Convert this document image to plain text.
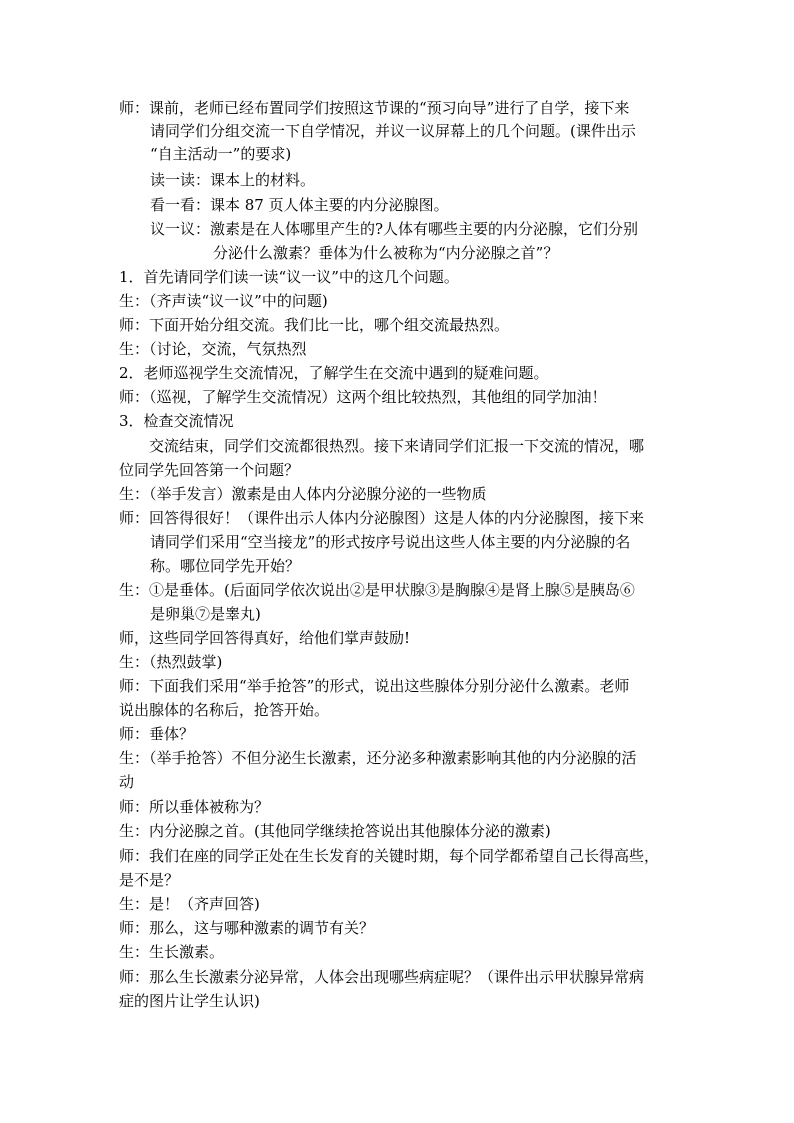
师：课前，老师已经布置同学们按照这节课的“预习向导”进行了自学，接下来
请同学们分组交流一下自学情况，并议一议屏幕上的几个问题。(课件出示
“自主活动一”的要求)
读一读：课本上的材料。
看一看：课本 87 页人体主要的内分泌腺图。
议一议：激素是在人体哪里产生的?人体有哪些主要的内分泌腺，它们分别
分泌什么激素？垂体为什么被称为“内分泌腺之首”？
1．首先请同学们读一读“议一议”中的这几个问题。
生：（齐声读“议一议”中的问题)
师：下面开始分组交流。我们比一比，哪个组交流最热烈。
生：（讨论，交流，气氛热烈
2．老师巡视学生交流情况，了解学生在交流中遇到的疑难问题。
师：（巡视，了解学生交流情况）这两个组比较热烈，其他组的同学加油！
3．检查交流情况
交流结束，同学们交流都很热烈。接下来请同学们汇报一下交流的情况，哪
位同学先回答第一个问题？
生：（举手发言）激素是由人体内分泌腺分泌的一些物质
师：回答得很好！（课件出示人体内分泌腺图）这是人体的内分泌腺图，接下来
请同学们采用“空当接龙”的形式按序号说出这些人体主要的内分泌腺的名
称。哪位同学先开始？
生：①是垂体。(后面同学依次说出②是甲状腺③是胸腺④是肾上腺⑤是胰岛⑥
是卵巢⑦是睾丸)
师，这些同学回答得真好，给他们掌声鼓励!
生：（热烈鼓掌)
师：下面我们采用“举手抢答”的形式，说出这些腺体分别分泌什么激素。老师
说出腺体的名称后，抢答开始。
师：垂体？
生：（举手抢答）不但分泌生长激素，还分泌多种激素影响其他的内分泌腺的活
动
师：所以垂体被称为？
生：内分泌腺之首。(其他同学继续抢答说出其他腺体分泌的激素)
师：我们在座的同学正处在生长发育的关键时期，每个同学都希望自己长得高些，
是不是？
生：是！（齐声回答)
师：那么，这与哪种激素的调节有关？
生：生长激素。
师：那么生长激素分泌异常，人体会出现哪些病症呢？（课件出示甲状腺异常病
症的图片让学生认识)
